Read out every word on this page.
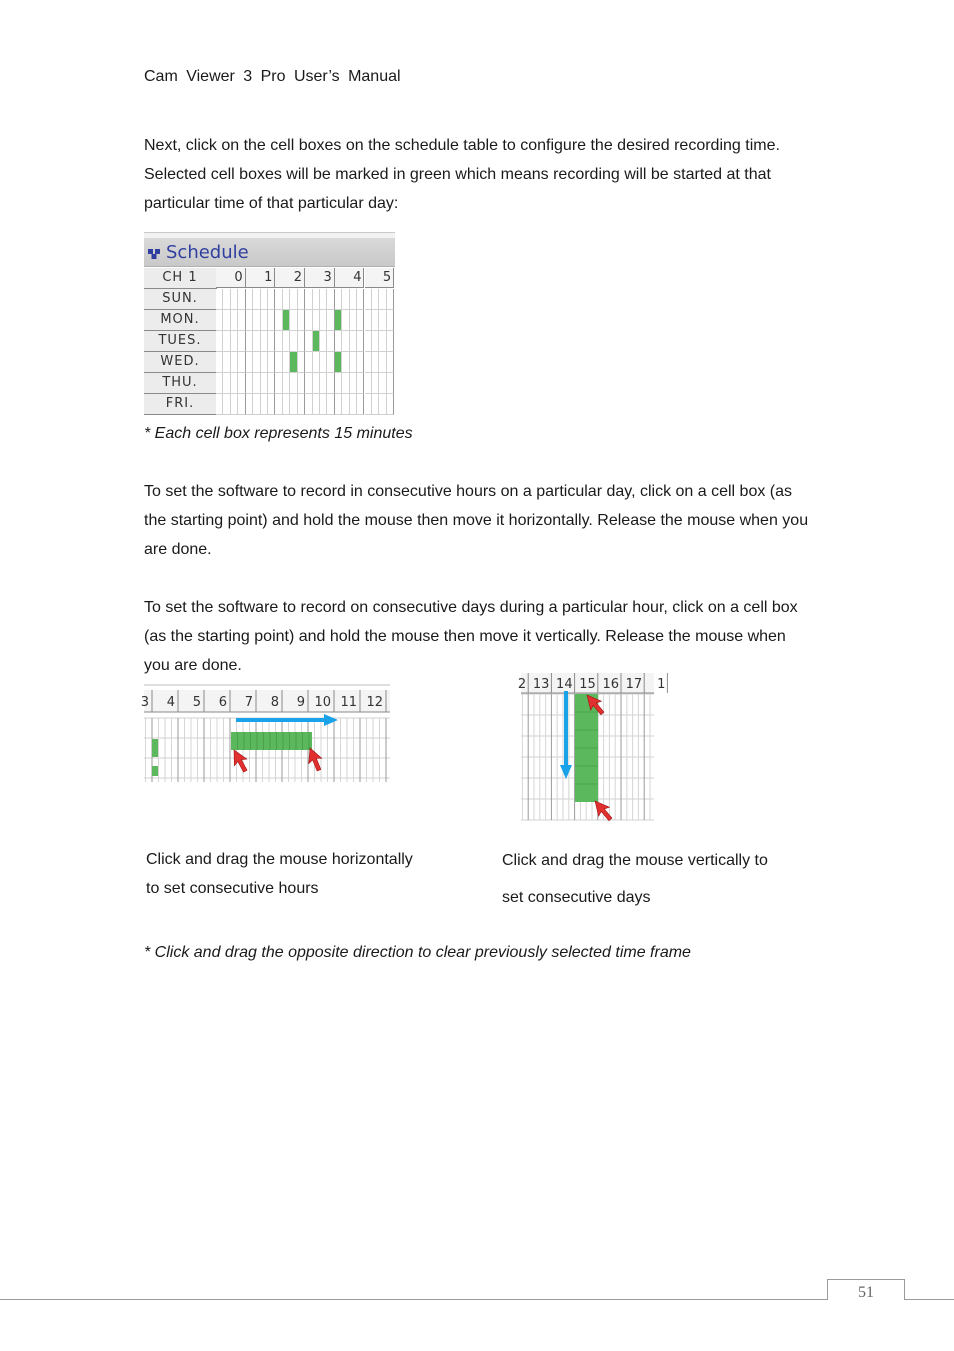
Cam Viewer 3 Pro User’s Manual

Next, click on the cell boxes on the schedule table to configure the desired recording time.
Selected cell boxes will be marked in green which means recording will be started at that
particular time of that particular day:

Schedule
CH 1	0	1	2	3	4	5
SUN.
MON.
TUES.
WED.
THU.
FRI.
* Each cell box represents 15 minutes

To set the software to record in consecutive hours on a particular day, click on a cell box (as
the starting point) and hold the mouse then move it horizontally. Release the mouse when you
are done.

To set the software to record on consecutive days during a particular hour, click on a cell box
(as the starting point) and hold the mouse then move it vertically. Release the mouse when
you are done.

3 4 5 6 7 8 9 10 11 12
2 13 14 15 16 17 1

Click and drag the mouse horizontally
to set consecutive hours

Click and drag the mouse vertically to
set consecutive days

* Click and drag the opposite direction to clear previously selected time frame
51
